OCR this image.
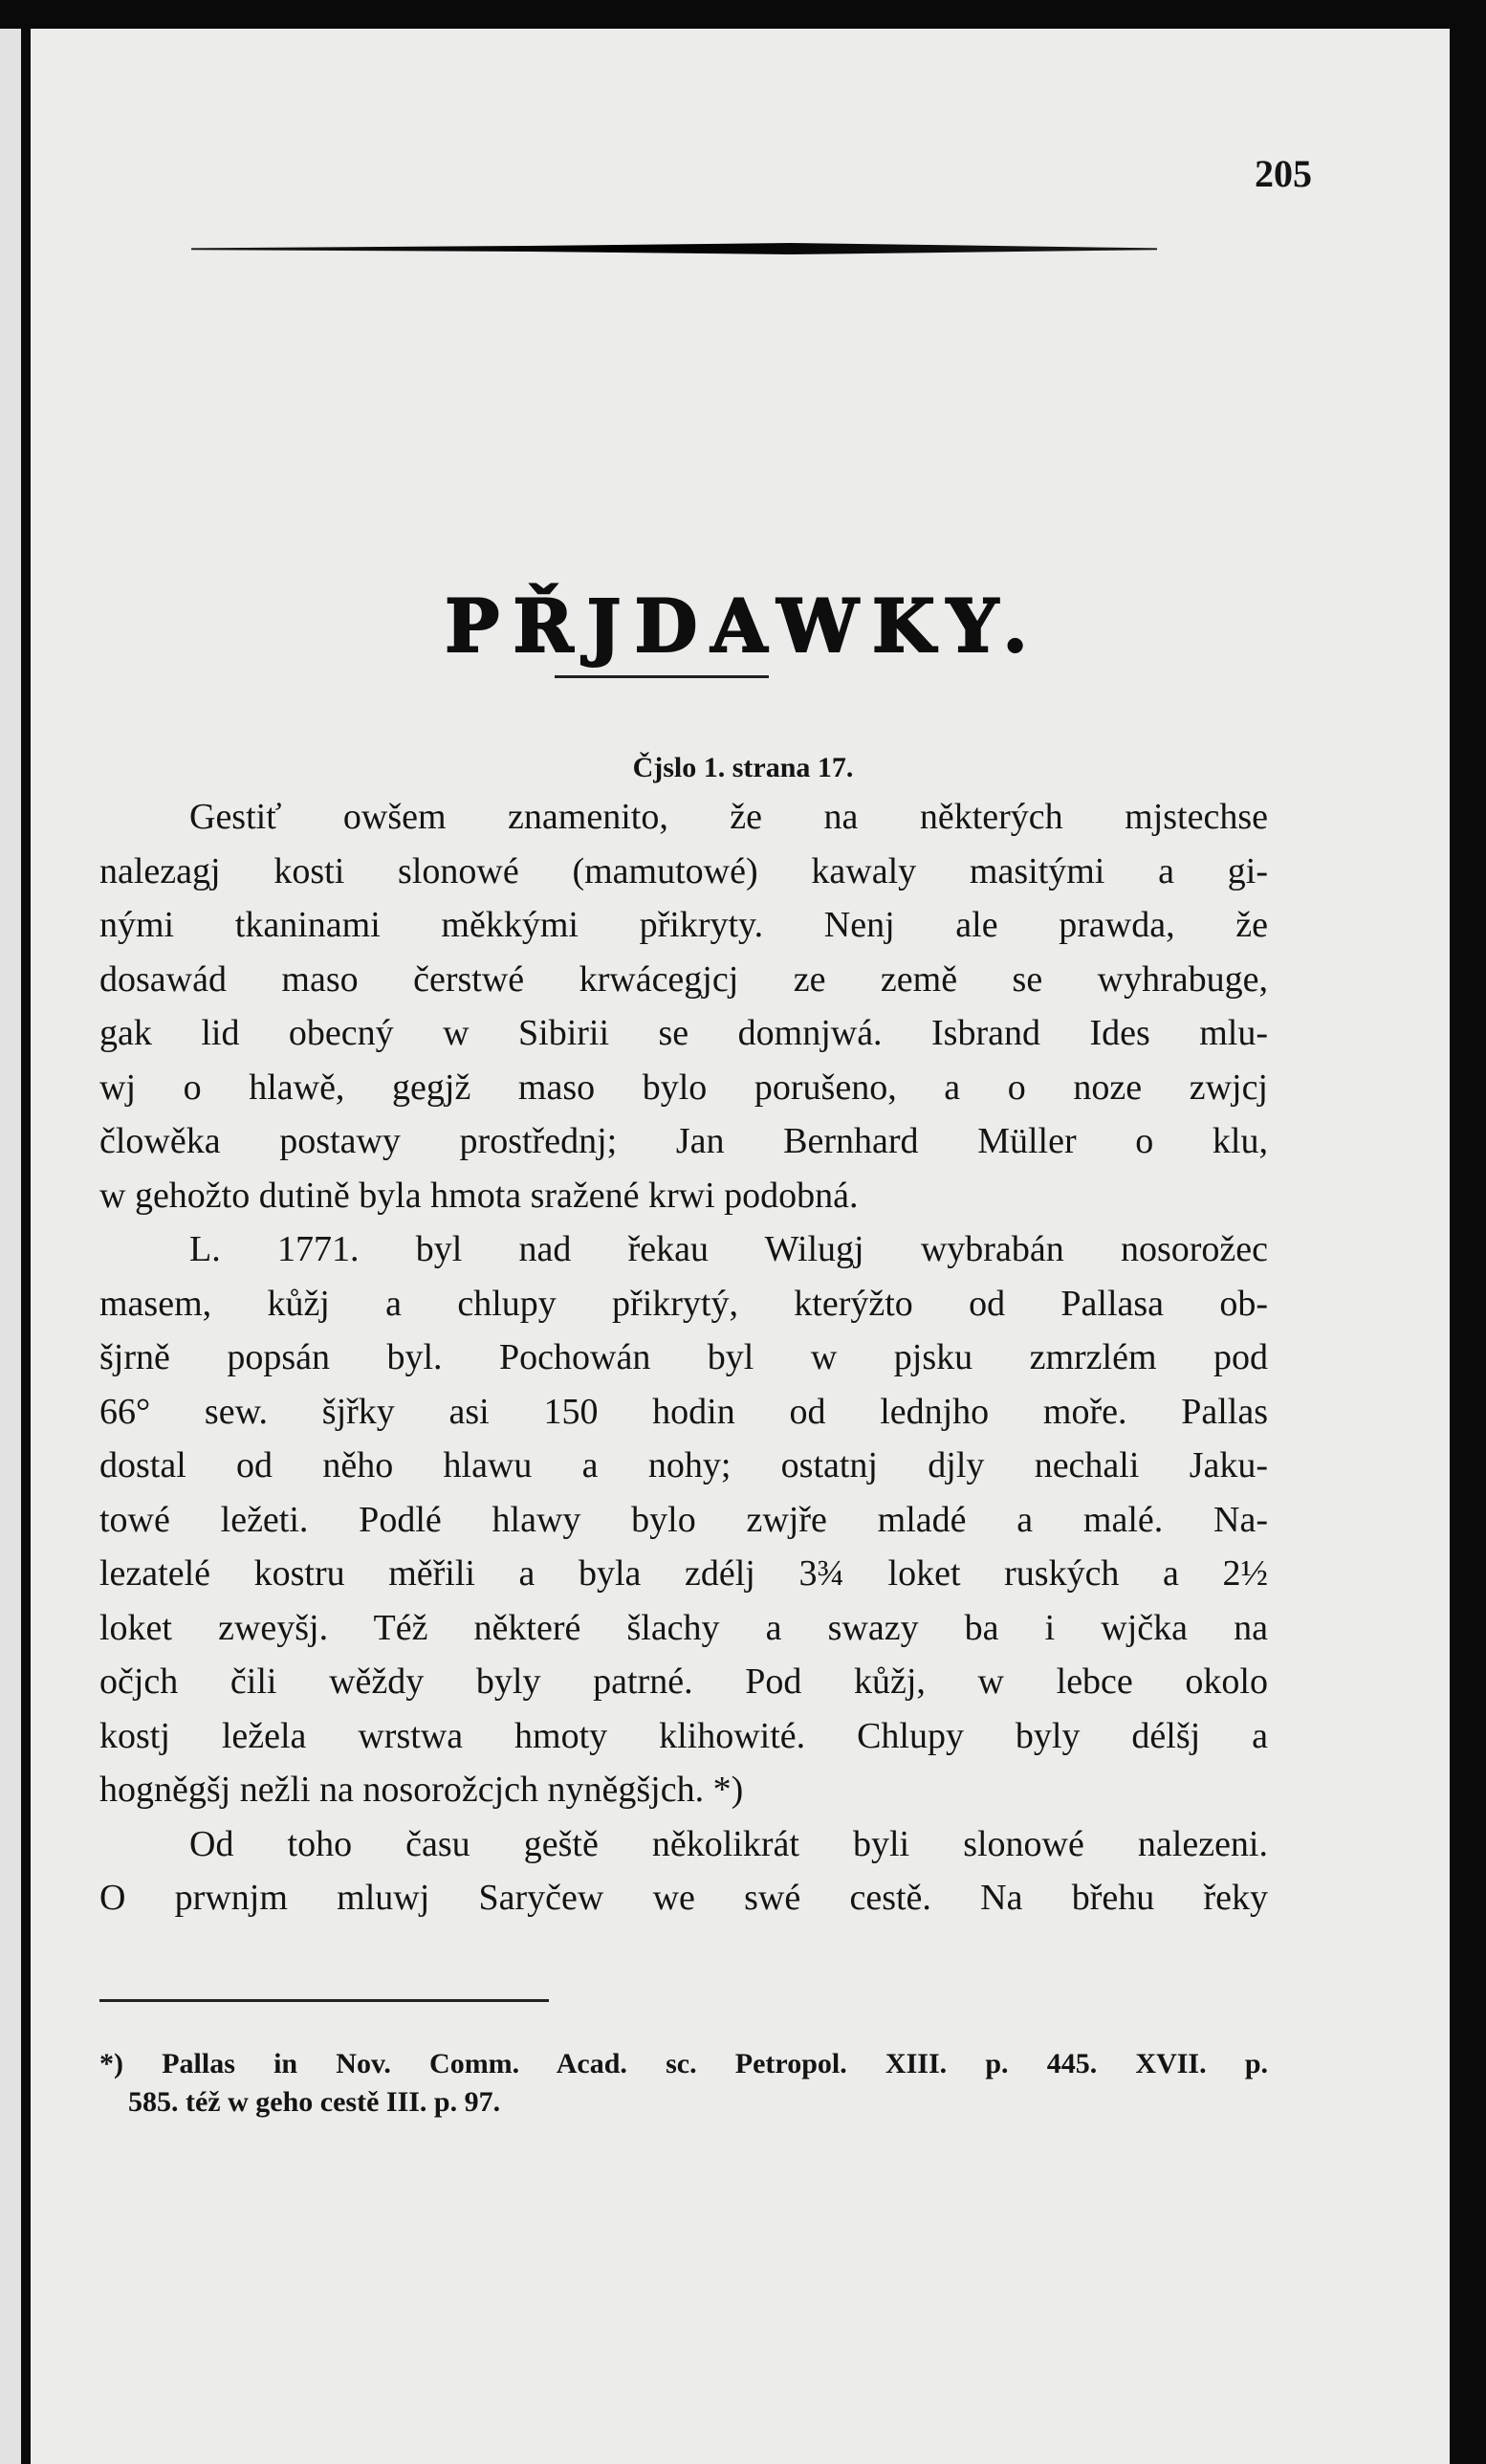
205
PŘJDAWKY.
Čjslo 1. strana 17.
Gestiť owšem znamenito, že na některých mjstechse
nalezagj kosti slonowé (mamutowé) kawaly masitými a gi-
nými tkaninami měkkými přikryty. Nenj ale prawda, že
dosawád maso čerstwé krwácegjcj ze země se wyhrabuge,
gak lid obecný w Sibirii se domnjwá. Isbrand Ides mlu-
wj o hlawě, gegjž maso bylo porušeno, a o noze zwjcj
člowěka postawy prostřednj; Jan Bernhard Müller o klu,
w gehožto dutině byla hmota sražené krwi podobná.
L. 1771. byl nad řekau Wilugj wybrabán nosorožec
masem, kůžj a chlupy přikrytý, kterýžto od Pallasa ob-
šjrně popsán byl. Pochowán byl w pjsku zmrzlém pod
66° sew. šjřky asi 150 hodin od lednjho moře. Pallas
dostal od něho hlawu a nohy; ostatnj djly nechali Jaku-
towé ležeti. Podlé hlawy bylo zwjře mladé a malé. Na-
lezatelé kostru měřili a byla zdélj 3¾ loket ruských a 2½
loket zweyšj. Též některé šlachy a swazy ba i wjčka na
očjch čili wěždy byly patrné. Pod kůžj, w lebce okolo
kostj ležela wrstwa hmoty klihowité. Chlupy byly délšj a
hogněgšj nežli na nosorožcjch nyněgšjch. *)
Od toho času geště několikrát byli slonowé nalezeni.
O prwnjm mluwj Saryčew we swé cestě. Na břehu řeky
*) Pallas in Nov. Comm. Acad. sc. Petropol. XIII. p. 445. XVII. p.
585. též w geho cestě III. p. 97.
